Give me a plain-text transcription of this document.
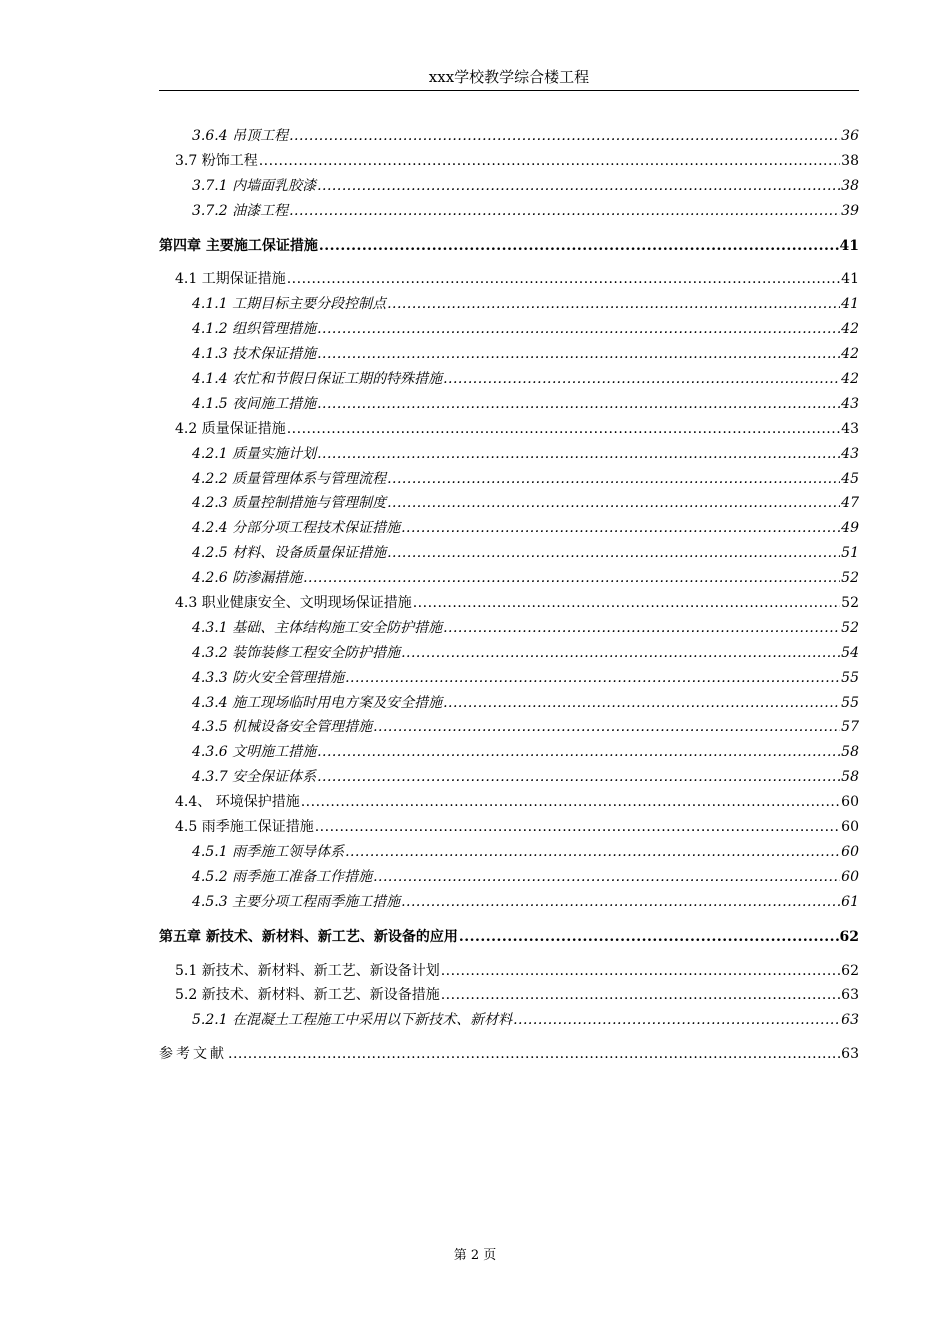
xxx学校教学综合楼工程
3.6.4 吊顶工程 .....	36
3.7 粉饰工程 .....	38
3.7.1 内墙面乳胶漆 .....	38
3.7.2 油漆工程 .....	39
第四章 主要施工保证措施 .....	41
4.1 工期保证措施 .....	41
4.1.1 工期目标主要分段控制点 .....	41
4.1.2 组织管理措施 .....	42
4.1.3 技术保证措施 .....	42
4.1.4 农忙和节假日保证工期的特殊措施 .....	42
4.1.5 夜间施工措施 .....	43
4.2 质量保证措施 .....	43
4.2.1 质量实施计划 .....	43
4.2.2 质量管理体系与管理流程 .....	45
4.2.3 质量控制措施与管理制度 .....	47
4.2.4 分部分项工程技术保证措施 .....	49
4.2.5 材料、设备质量保证措施 .....	51
4.2.6 防渗漏措施 .....	52
4.3 职业健康安全、文明现场保证措施 .....	52
4.3.1 基础、主体结构施工安全防护措施 .....	52
4.3.2 装饰装修工程安全防护措施 .....	54
4.3.3 防火安全管理措施 .....	55
4.3.4 施工现场临时用电方案及安全措施 .....	55
4.3.5 机械设备安全管理措施 .....	57
4.3.6 文明施工措施 .....	58
4.3.7 安全保证体系 .....	58
4.4、 环境保护措施 .....	60
4.5 雨季施工保证措施 .....	60
4.5.1 雨季施工领导体系 .....	60
4.5.2 雨季施工准备工作措施 .....	60
4.5.3 主要分项工程雨季施工措施 .....	61
第五章 新技术、新材料、新工艺、新设备的应用 .....	62
5.1 新技术、新材料、新工艺、新设备计划 .....	62
5.2 新技术、新材料、新工艺、新设备措施 .....	63
5.2.1 在混凝土工程施工中采用以下新技术、新材料 .....	63
参考文献 .....	63
第 2 页
